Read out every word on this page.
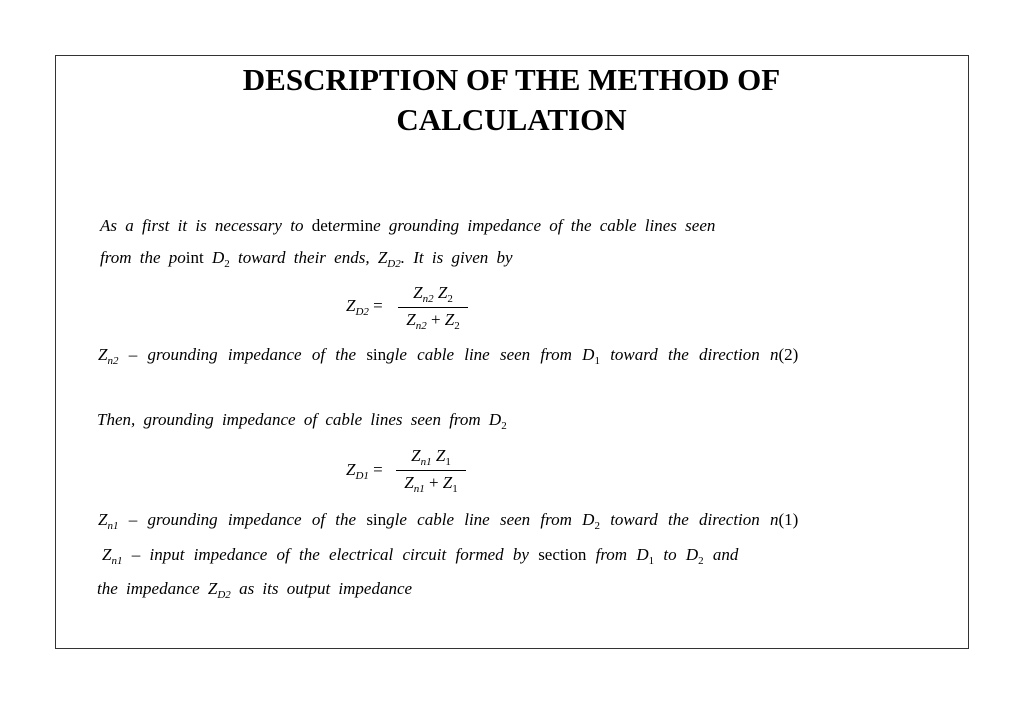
DESCRIPTION OF THE METHOD OF
CALCULATION
As a first it is necessary to determine grounding impedance of the cable lines seen
from the point $D_2$ toward their ends, $Z_{D2}$. It is given by
$Z_{D2}$ =
$Z_{n2}$ $Z_2$
$Z_{n2} + Z_2$
$Z_{n2}$ – grounding impedance of the single cable line seen from $D_1$ toward the direction n(2)
Then, grounding impedance of cable lines seen from $D_2$
$Z_{D1}$ =
$Z_{n1}$ $Z_1$
$Z_{n1} + Z_1$
$Z_{n1}$ – grounding impedance of the single cable line seen from $D_2$ toward the direction n(1)
$Z_{n1}$ – input impedance of the electrical circuit formed by section from $D_1$ to $D_2$ and
the impedance $Z_{D2}$ as its output impedance
